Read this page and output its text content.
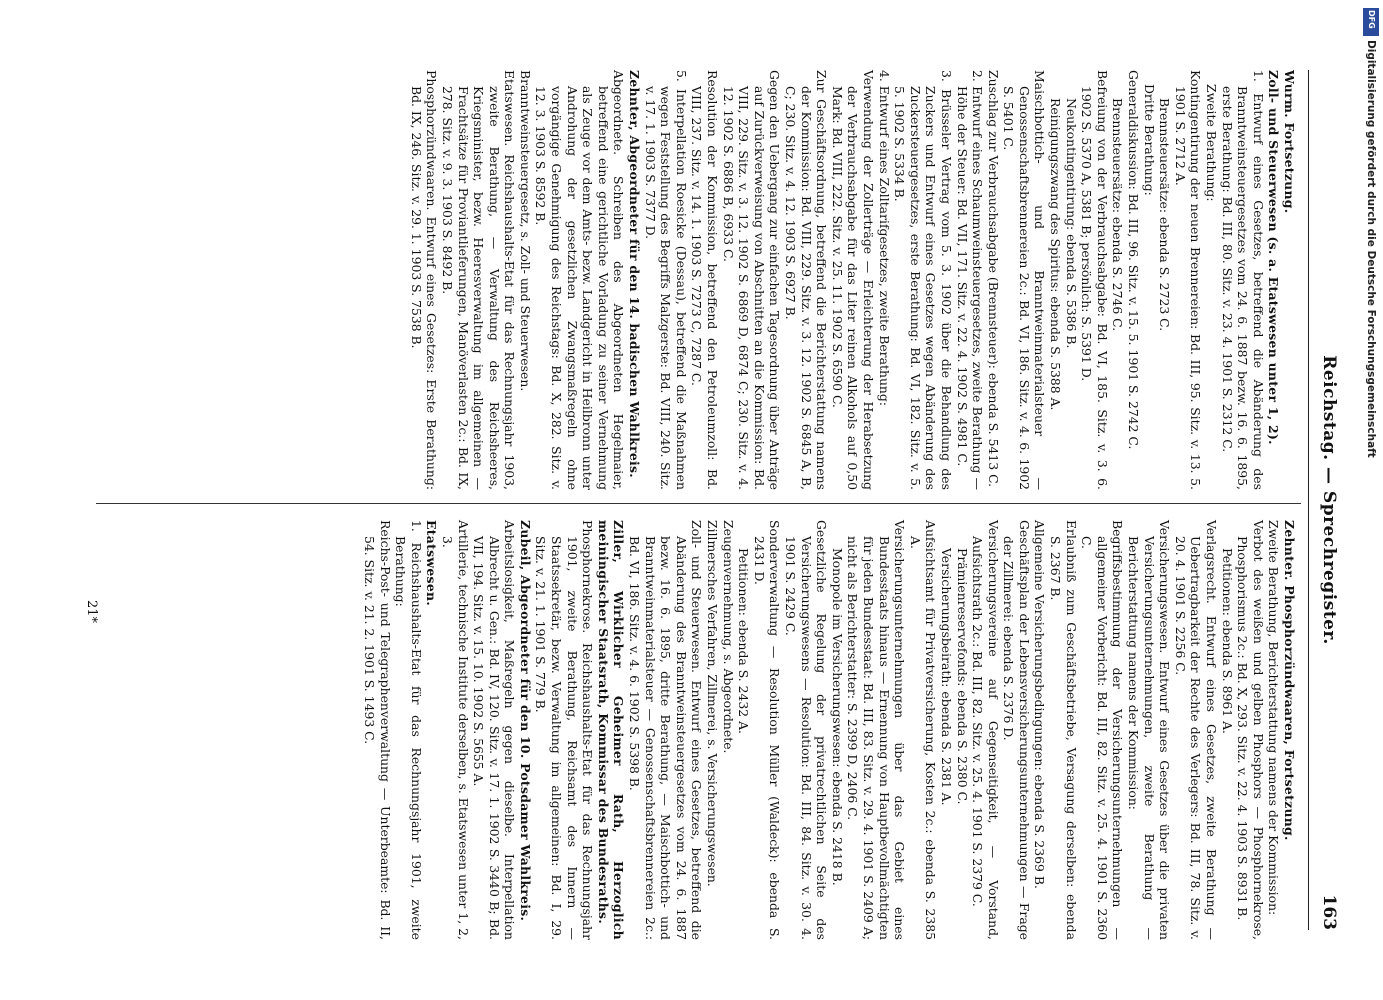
Reichstag. — Sprechregister.
163

Wurm. Fortsetzung.

Zoll- und Steuerwesen (s. a. Etatswesen unter 1, 2).

1. Entwurf eines Gesetzes, betreffend die Abänderung des Branntweinsteuergesetzes vom 24. 6. 1887 bezw. 16. 6. 1895, erste Berathung: Bd. III, 80. Sitz. v. 23. 4. 1901 S. 2312 C.

Zweite Berathung:

Kontingentirung der neuen Brennereien: Bd. III, 95. Sitz. v. 13. 5. 1901 S. 2712 A.

Brennsteuersätze: ebenda S. 2723 C.

Dritte Berathung:

Generaldiskussion: Bd. III, 96. Sitz. v. 15. 5. 1901 S. 2742 C.

Brennsteuersätze: ebenda S. 2746 C.

Befreiung von der Verbrauchsabgabe: Bd. VI, 185. Sitz. v. 3. 6. 1902 S. 5370 A, 5381 B; persönlich: S. 5391 D.

Neukontingentirung: ebenda S. 5386 B.

Reinigungszwang des Spiritus: ebenda S. 5388 A.

Maischbottich- und Branntweinmaterialsteuer — Genossenschaftsbrennereien 2c.: Bd. VI, 186. Sitz. v. 4. 6. 1902 S. 5401 C.

Zuschlag zur Verbrauchsabgabe (Brennsteuer): ebenda S. 5413 C.

2. Entwurf eines Schaumweinsteuergesetzes, zweite Berathung — Höhe der Steuer: Bd. VII, 171. Sitz. v. 22. 4. 1902 S. 4981 C.

3. Brüsseler Vertrag vom 5. 3. 1902 über die Behandlung des Zuckers und Entwurf eines Gesetzes wegen Abänderung des Zuckersteuergesetzes, erste Berathung: Bd. VI, 182. Sitz. v. 5. 5. 1902 S. 5334 B.

4. Entwurf eines Zolltarifgesetzes, zweite Berathung:

Verwendung der Zollerträge — Erleichterung der Herabsetzung der Verbrauchsabgabe für das Liter reinen Alkohols auf 0,50 Mark: Bd. VIII, 222. Sitz. v. 25. 11. 1902 S. 6590 C.

Zur Geschäftsordnung, betreffend die Berichterstattung namens der Kommission: Bd. VIII, 229. Sitz. v. 3. 12. 1902 S. 6845 A, B, C; 230. Sitz. v. 4. 12. 1903 S. 6927 B.

Gegen den Uebergang zur einfachen Tagesordnung über Anträge auf Zurückverweisung von Abschnitten an die Kommission: Bd. VIII, 229. Sitz. v. 3. 12. 1902 S. 6869 D, 6874 C; 230. Sitz. v. 4. 12. 1902 S. 6886 B, 6933 C.

Resolution der Kommission, betreffend den Petroleumzoll: Bd. VIII, 237. Sitz. v. 14. 1. 1903 S. 7273 C, 7287 C.

5. Interpellation Roesicke (Dessau), betreffend die Maßnahmen wegen Feststellung des Begriffs Malzgerste: Bd. VIII, 240. Sitz. v. 17. 1. 1903 S. 7377 D.

Zehnter, Abgeordneter für den 14. badischen Wahlkreis.

Abgeordnete. Schreiben des Abgeordneten Hegelmaier, betreffend eine gerichtliche Vorladung zu seiner Vernehmung als Zeuge vor dem Amts- bezw. Landgericht in Heilbronn unter Androhung der gesetzlichen Zwangsmaßregeln ohne vorgängige Genehmigung des Reichstags: Bd. X, 282. Sitz. v. 12. 3. 1903 S. 8592 B.

Branntweinsteuergesetz, s. Zoll- und Steuerwesen.

Etatswesen. Reichshaushalts-Etat für das Rechnungsjahr 1903, zweite Berathung, — Verwaltung des Reichsheeres, Kriegsminister, bezw. Heeresverwaltung im allgemeinen — Frachtsätze für Proviantlieferungen, Manöverlasten 2c.: Bd. IX, 278. Sitz. v. 9. 3. 1903 S. 8492 B.

Phosphorzündwaaren. Entwurf eines Gesetzes: Erste Berathung: Bd. IX, 246. Sitz. v. 29. 1. 1903 S. 7538 B.

Zehnter. Phosphorzündwaaren, Fortsetzung.

Zweite Berathung, Berichterstattung namens der Kommission:

Verbot des weißen und gelben Phosphors — Phosphornekrose, Phosphorismus 2c.: Bd. X, 293. Sitz. v. 22. 4. 1903 S. 8931 B.

Petitionen: ebenda S. 8961 A.

Verlagsrecht. Entwurf eines Gesetzes, zweite Berathung — Uebertragbarkeit der Rechte des Verlegers: Bd. III, 78. Sitz. v. 20. 4. 1901 S. 2256 C.

Versicherungswesen. Entwurf eines Gesetzes über die privaten Versicherungsunternehmungen, zweite Berathung — Berichterstattung namens der Kommission:

Begriffsbestimmung der Versicherungsunternehmungen — allgemeiner Vorbericht: Bd. III, 82. Sitz. v. 25. 4. 1901 S. 2360 C.

Erlaubniß zum Geschäftsbetriebe, Versagung derselben: ebenda S. 2367 B.

Allgemeine Versicherungsbedingungen: ebenda S. 2369 B.

Geschäftsplan der Lebensversicherungsunternehmungen — Frage der Zillmerei: ebenda S. 2376 D.

Versicherungsvereine auf Gegenseitigkeit, — Vorstand, Aufsichtsrath 2c.: Bd. III, 82. Sitz. v. 25. 4. 1901 S. 2379 C.

Prämienreservefonds: ebenda S. 2380 C.

Versicherungsbeirath: ebenda S. 2381 A.

Aufsichtsamt für Privatversicherung, Kosten 2c.: ebenda S. 2385 A.

Versicherungsunternehmungen über das Gebiet eines Bundesstaats hinaus — Ernennung von Hauptbevollmächtigten für jeden Bundesstaat: Bd. III, 83. Sitz. v. 29. 4. 1901 S. 2409 A; nicht als Berichterstatter: S. 2399 D, 2406 C.

Monopole im Versicherungswesen: ebenda S. 2418 B.

Gesetzliche Regelung der privatrechtlichen Seite des Versicherungswesens — Resolution: Bd. III, 84. Sitz. v. 30. 4. 1901 S. 2429 C.

Sonderverwaltung — Resolution Müller (Waldeck): ebenda S. 2431 D.

Petitionen: ebenda S. 2432 A.

Zeugenvernehmung, s. Abgeordnete.

Zillmersches Verfahren, Zillmerei, s. Versicherungswesen.

Zoll- und Steuerwesen. Entwurf eines Gesetzes, betreffend die Abänderung des Branntweinsteuergesetzes vom 24. 6. 1887 bezw. 16. 6. 1895, dritte Berathung, — Maischbottich- und Branntweinmaterialsteuer — Genossenschaftsbrennereien 2c.: Bd. VI, 186. Sitz. v. 4. 6. 1902 S. 5398 B.

Ziller, Wirklicher Geheimer Rath, Herzoglich meiningischer Staatsrath, Kommissar des Bundesraths.

Phosphornekrose. Reichshaushalts-Etat für das Rechnungsjahr 1901, zweite Berathung, Reichsamt des Innern — Staatssekretär, bezw. Verwaltung im allgemeinen: Bd. I, 29. Sitz. v. 21. 1. 1901 S. 779 B.

Zubeil, Abgeordneter für den 10. Potsdamer Wahlkreis.

Arbeitslosigkeit, Maßregeln gegen dieselbe. Interpellation Albrecht u. Gen.: Bd. IV, 120. Sitz. v. 17. 1. 1902 S. 3440 B; Bd. VII, 194. Sitz. v. 15. 10. 1902 S. 5655 A.

Artillerie, technische Institute derselben, s. Etatswesen unter 1, 2, 3.

Etatswesen.

1. Reichshaushalts-Etat für das Rechnungsjahr 1901, zweite Berathung:

Reichs-Post- und Telegraphenverwaltung — Unterbeamte: Bd. II, 54. Sitz. v. 21. 2. 1901 S. 1493 C.

21*
Digitalisierung gefördert durch die Deutsche Forschungsgemeinschaft
DFG
